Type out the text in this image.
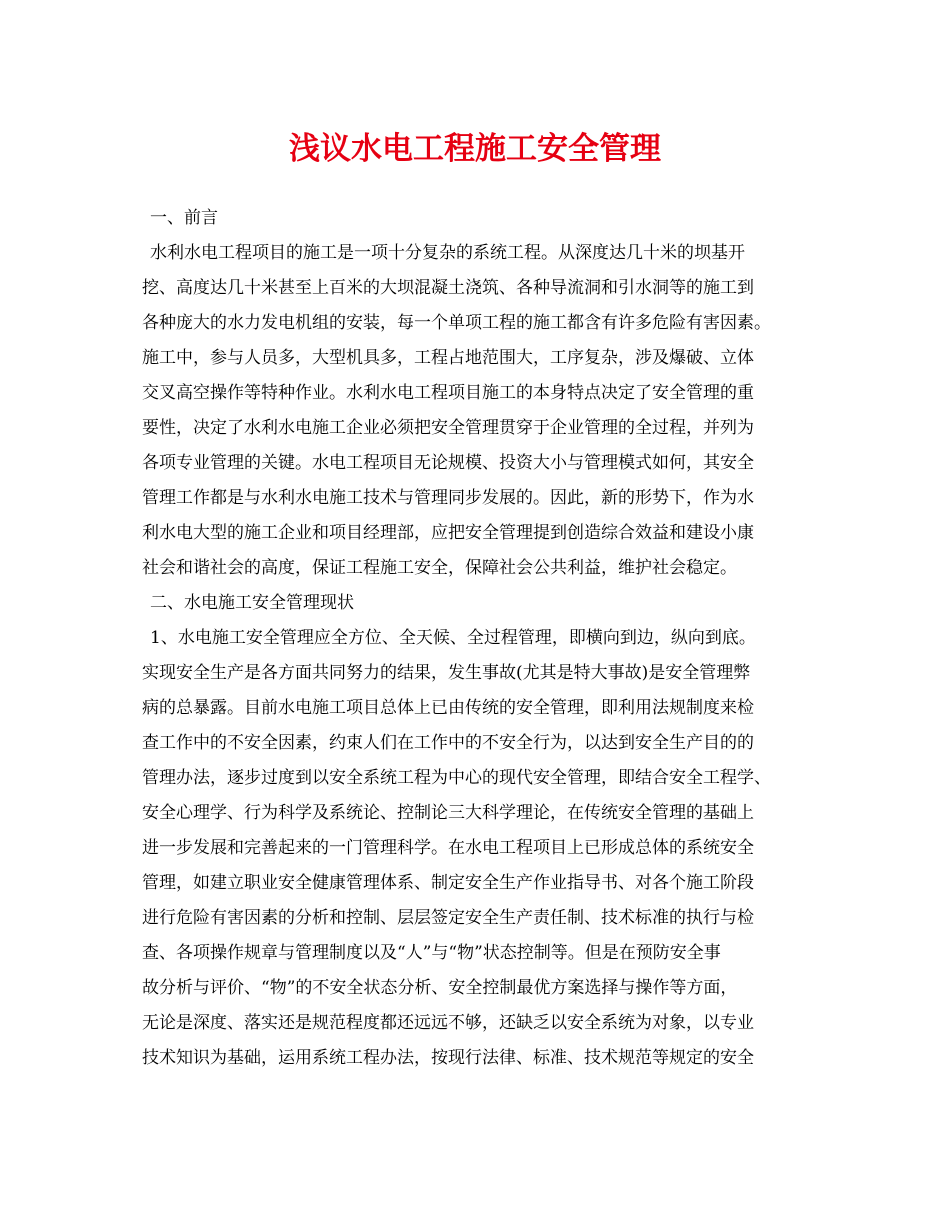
浅议水电工程施工安全管理

一、前言

水利水电工程项目的施工是一项十分复杂的系统工程。从深度达几十米的坝基开

挖、高度达几十米甚至上百米的大坝混凝土浇筑、各种导流洞和引水洞等的施工到

各种庞大的水力发电机组的安装，每一个单项工程的施工都含有许多危险有害因素。

施工中，参与人员多，大型机具多，工程占地范围大，工序复杂，涉及爆破、立体

交叉高空操作等特种作业。水利水电工程项目施工的本身特点决定了安全管理的重

要性，决定了水利水电施工企业必须把安全管理贯穿于企业管理的全过程，并列为

各项专业管理的关键。水电工程项目无论规模、投资大小与管理模式如何，其安全

管理工作都是与水利水电施工技术与管理同步发展的。因此，新的形势下，作为水

利水电大型的施工企业和项目经理部，应把安全管理提到创造综合效益和建设小康

社会和谐社会的高度，保证工程施工安全，保障社会公共利益，维护社会稳定。

二、水电施工安全管理现状

1、水电施工安全管理应全方位、全天候、全过程管理，即横向到边，纵向到底。

实现安全生产是各方面共同努力的结果，发生事故(尤其是特大事故)是安全管理弊

病的总暴露。目前水电施工项目总体上已由传统的安全管理，即利用法规制度来检

查工作中的不安全因素，约束人们在工作中的不安全行为，以达到安全生产目的的

管理办法，逐步过度到以安全系统工程为中心的现代安全管理，即结合安全工程学、

安全心理学、行为科学及系统论、控制论三大科学理论，在传统安全管理的基础上

进一步发展和完善起来的一门管理科学。在水电工程项目上已形成总体的系统安全

管理，如建立职业安全健康管理体系、制定安全生产作业指导书、对各个施工阶段

进行危险有害因素的分析和控制、层层签定安全生产责任制、技术标准的执行与检

查、各项操作规章与管理制度以及“人”与“物”状态控制等。但是在预防安全事

故分析与评价、“物”的不安全状态分析、安全控制最优方案选择与操作等方面，

无论是深度、落实还是规范程度都还远远不够，还缺乏以安全系统为对象，以专业

技术知识为基础，运用系统工程办法，按现行法律、标准、技术规范等规定的安全
